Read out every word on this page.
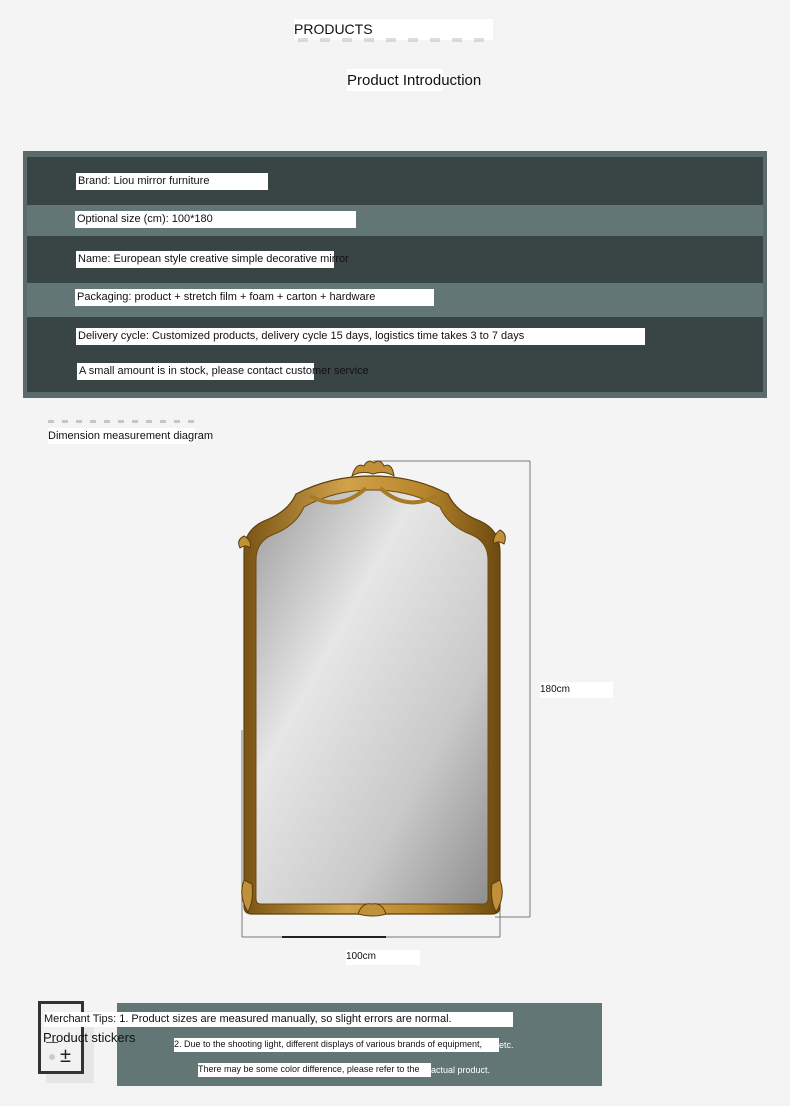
PRODUCTS
Product Introduction
Brand: Liou mirror furniture
Optional size (cm): 100*180
Name: European style creative simple decorative mirror
Packaging: product + stretch film + foam + carton + hardware
Delivery cycle: Customized products, delivery cycle 15 days, logistics time takes 3 to 7 days
A small amount is in stock, please contact customer service
Dimension measurement diagram
180cm
100cm
±
Merchant Tips: 1. Product sizes are measured manually, so slight errors are normal.
Product stickers	2. Due to the shooting light, different displays of various brands of equipment,	etc.
There may be some color difference, please refer to the	actual product.
